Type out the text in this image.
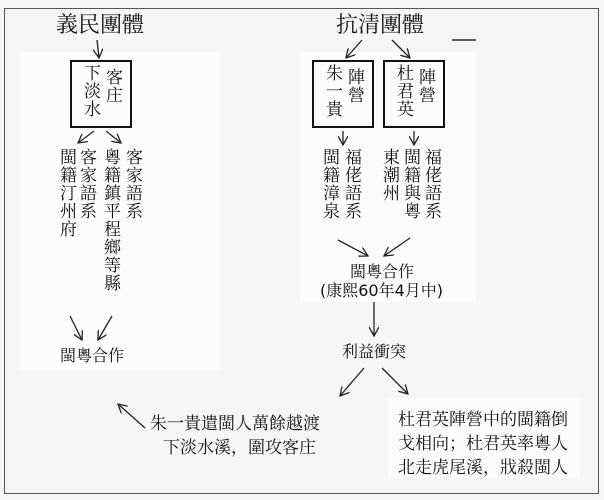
義民團體
客庄
下淡水
客家語系
粵籍鎮平程鄉等縣
客家語系
閩籍汀州府
閩粵合作
朱一貴遣閩人萬餘越渡
下淡水溪，圍攻客庄
抗清團體
陣營
朱一貴	陣營
杜君英
福佬語系
閩籍漳泉	福佬語系
閩籍與粵
東潮州
閩粵合作
(康熙60年4月中)
利益衝突
杜君英陣營中的閩籍倒
戈相向；杜君英率粵人
北走虎尾溪，戕殺閩人
